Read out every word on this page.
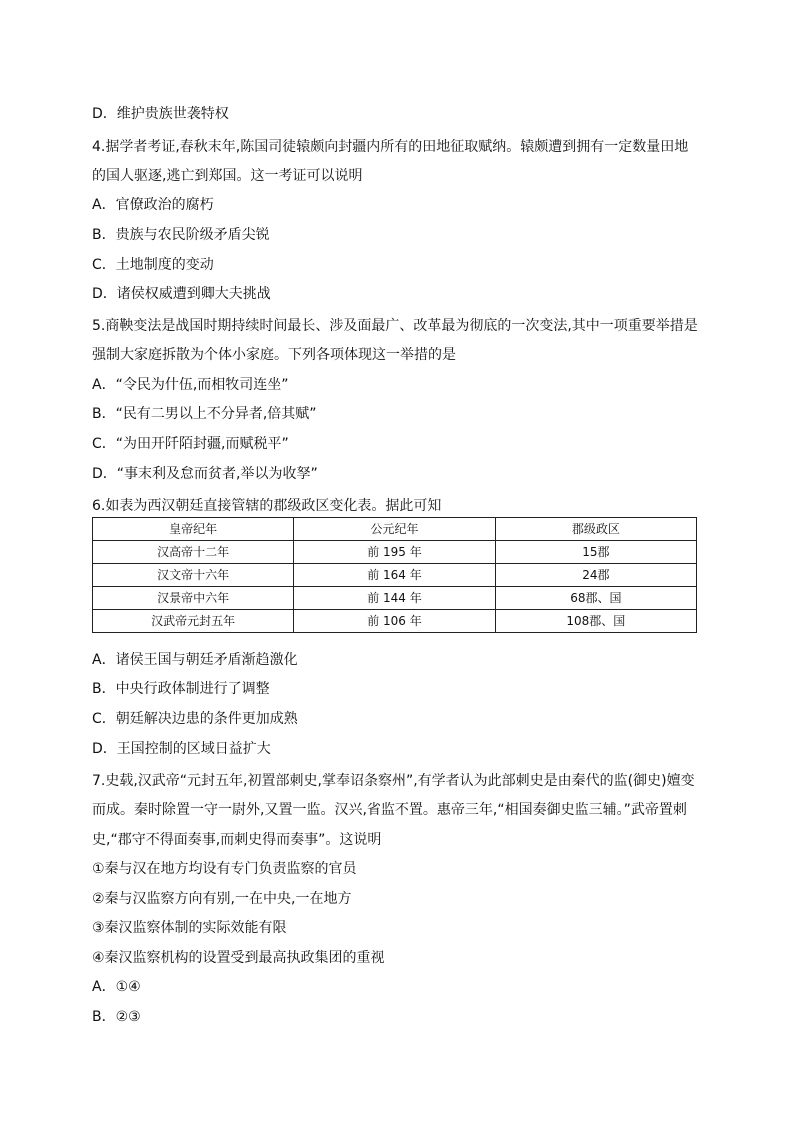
D．维护贵族世袭特权
4.据学者考证,春秋末年,陈国司徒辕颇向封疆内所有的田地征取赋纳。辕颇遭到拥有一定数量田地
的国人驱逐,逃亡到郑国。这一考证可以说明
A．官僚政治的腐朽
B．贵族与农民阶级矛盾尖锐
C．土地制度的变动
D．诸侯权威遭到卿大夫挑战
5.商鞅变法是战国时期持续时间最长、涉及面最广、改革最为彻底的一次变法,其中一项重要举措是
强制大家庭拆散为个体小家庭。下列各项体现这一举措的是
A．“令民为什伍,而相牧司连坐”
B．“民有二男以上不分异者,倍其赋”
C．“为田开阡陌封疆,而赋税平”
D．“事末利及怠而贫者,举以为收孥”
6.如表为西汉朝廷直接管辖的郡级政区变化表。据此可知
皇帝纪年	公元纪年	郡级政区
汉高帝十二年	前 195 年	15郡
汉文帝十六年	前 164 年	24郡
汉景帝中六年	前 144 年	68郡、国
汉武帝元封五年	前 106 年	108郡、国
A．诸侯王国与朝廷矛盾渐趋激化
B．中央行政体制进行了调整
C．朝廷解决边患的条件更加成熟
D．王国控制的区域日益扩大
7.史载,汉武帝“元封五年,初置部刺史,掌奉诏条察州”,有学者认为此部刺史是由秦代的监(御史)嬗变
而成。秦时除置一守一尉外,又置一监。汉兴,省监不置。惠帝三年,“相国奏御史监三辅。”武帝置刺
史,“郡守不得面奏事,而刺史得而奏事”。这说明
①秦与汉在地方均设有专门负责监察的官员
②秦与汉监察方向有别,一在中央,一在地方
③秦汉监察体制的实际效能有限
④秦汉监察机构的设置受到最高执政集团的重视
A．①④
B．②③
